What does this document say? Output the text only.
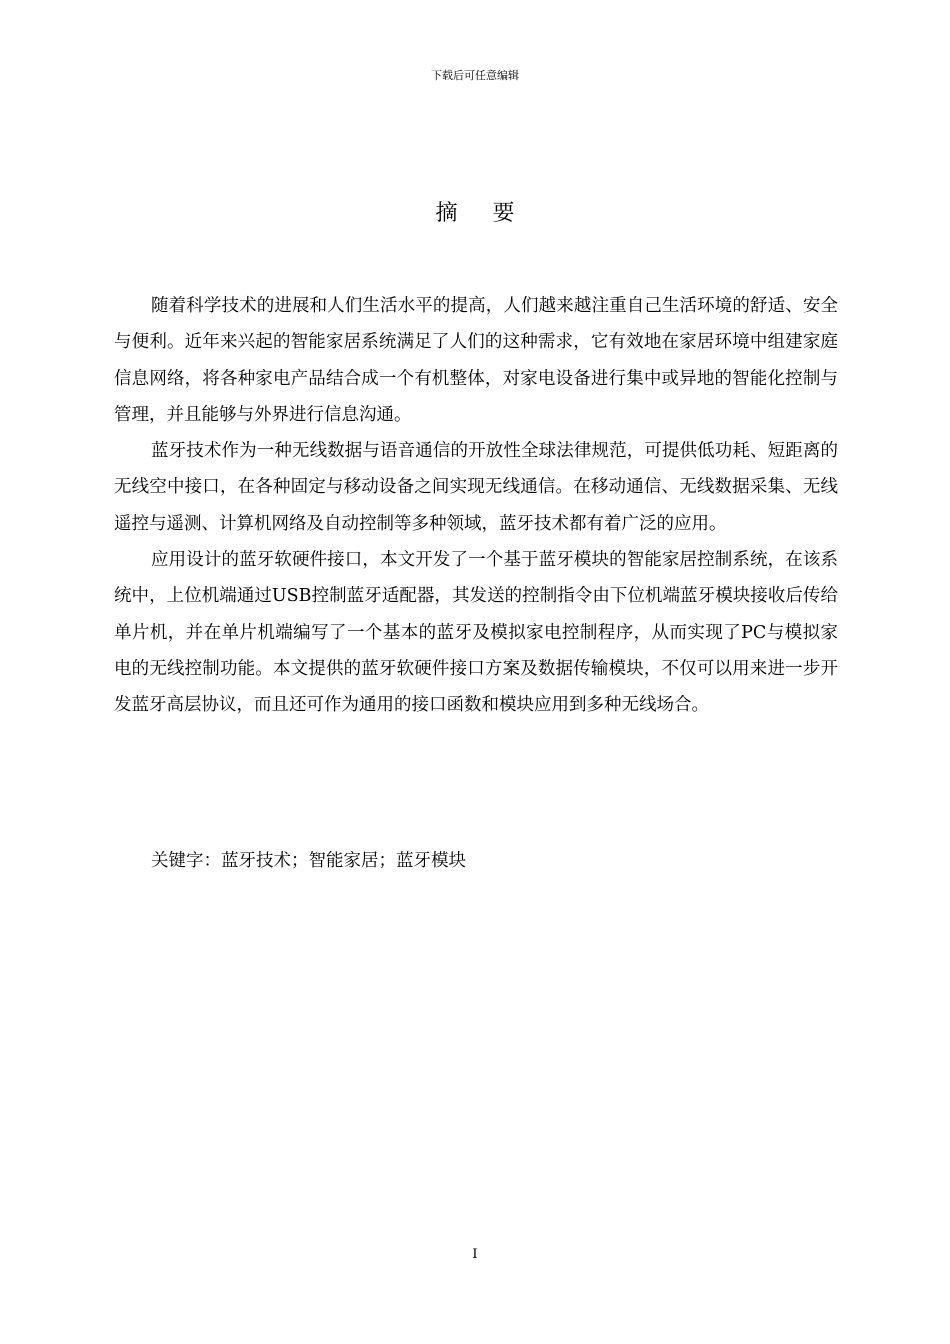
下载后可任意编辑
摘 要

随着科学技术的进展和人们生活水平的提高，人们越来越注重自己生活环境的舒适、安全与便利。近年来兴起的智能家居系统满足了人们的这种需求，它有效地在家居环境中组建家庭信息网络，将各种家电产品结合成一个有机整体，对家电设备进行集中或异地的智能化控制与管理，并且能够与外界进行信息沟通。

蓝牙技术作为一种无线数据与语音通信的开放性全球法律规范，可提供低功耗、短距离的无线空中接口，在各种固定与移动设备之间实现无线通信。在移动通信、无线数据采集、无线遥控与遥测、计算机网络及自动控制等多种领域，蓝牙技术都有着广泛的应用。

应用设计的蓝牙软硬件接口，本文开发了一个基于蓝牙模块的智能家居控制系统，在该系统中，上位机端通过USB控制蓝牙适配器，其发送的控制指令由下位机端蓝牙模块接收后传给单片机，并在单片机端编写了一个基本的蓝牙及模拟家电控制程序，从而实现了PC与模拟家电的无线控制功能。本文提供的蓝牙软硬件接口方案及数据传输模块，不仅可以用来进一步开发蓝牙高层协议，而且还可作为通用的接口函数和模块应用到多种无线场合。

关键字：蓝牙技术；智能家居；蓝牙模块
I
